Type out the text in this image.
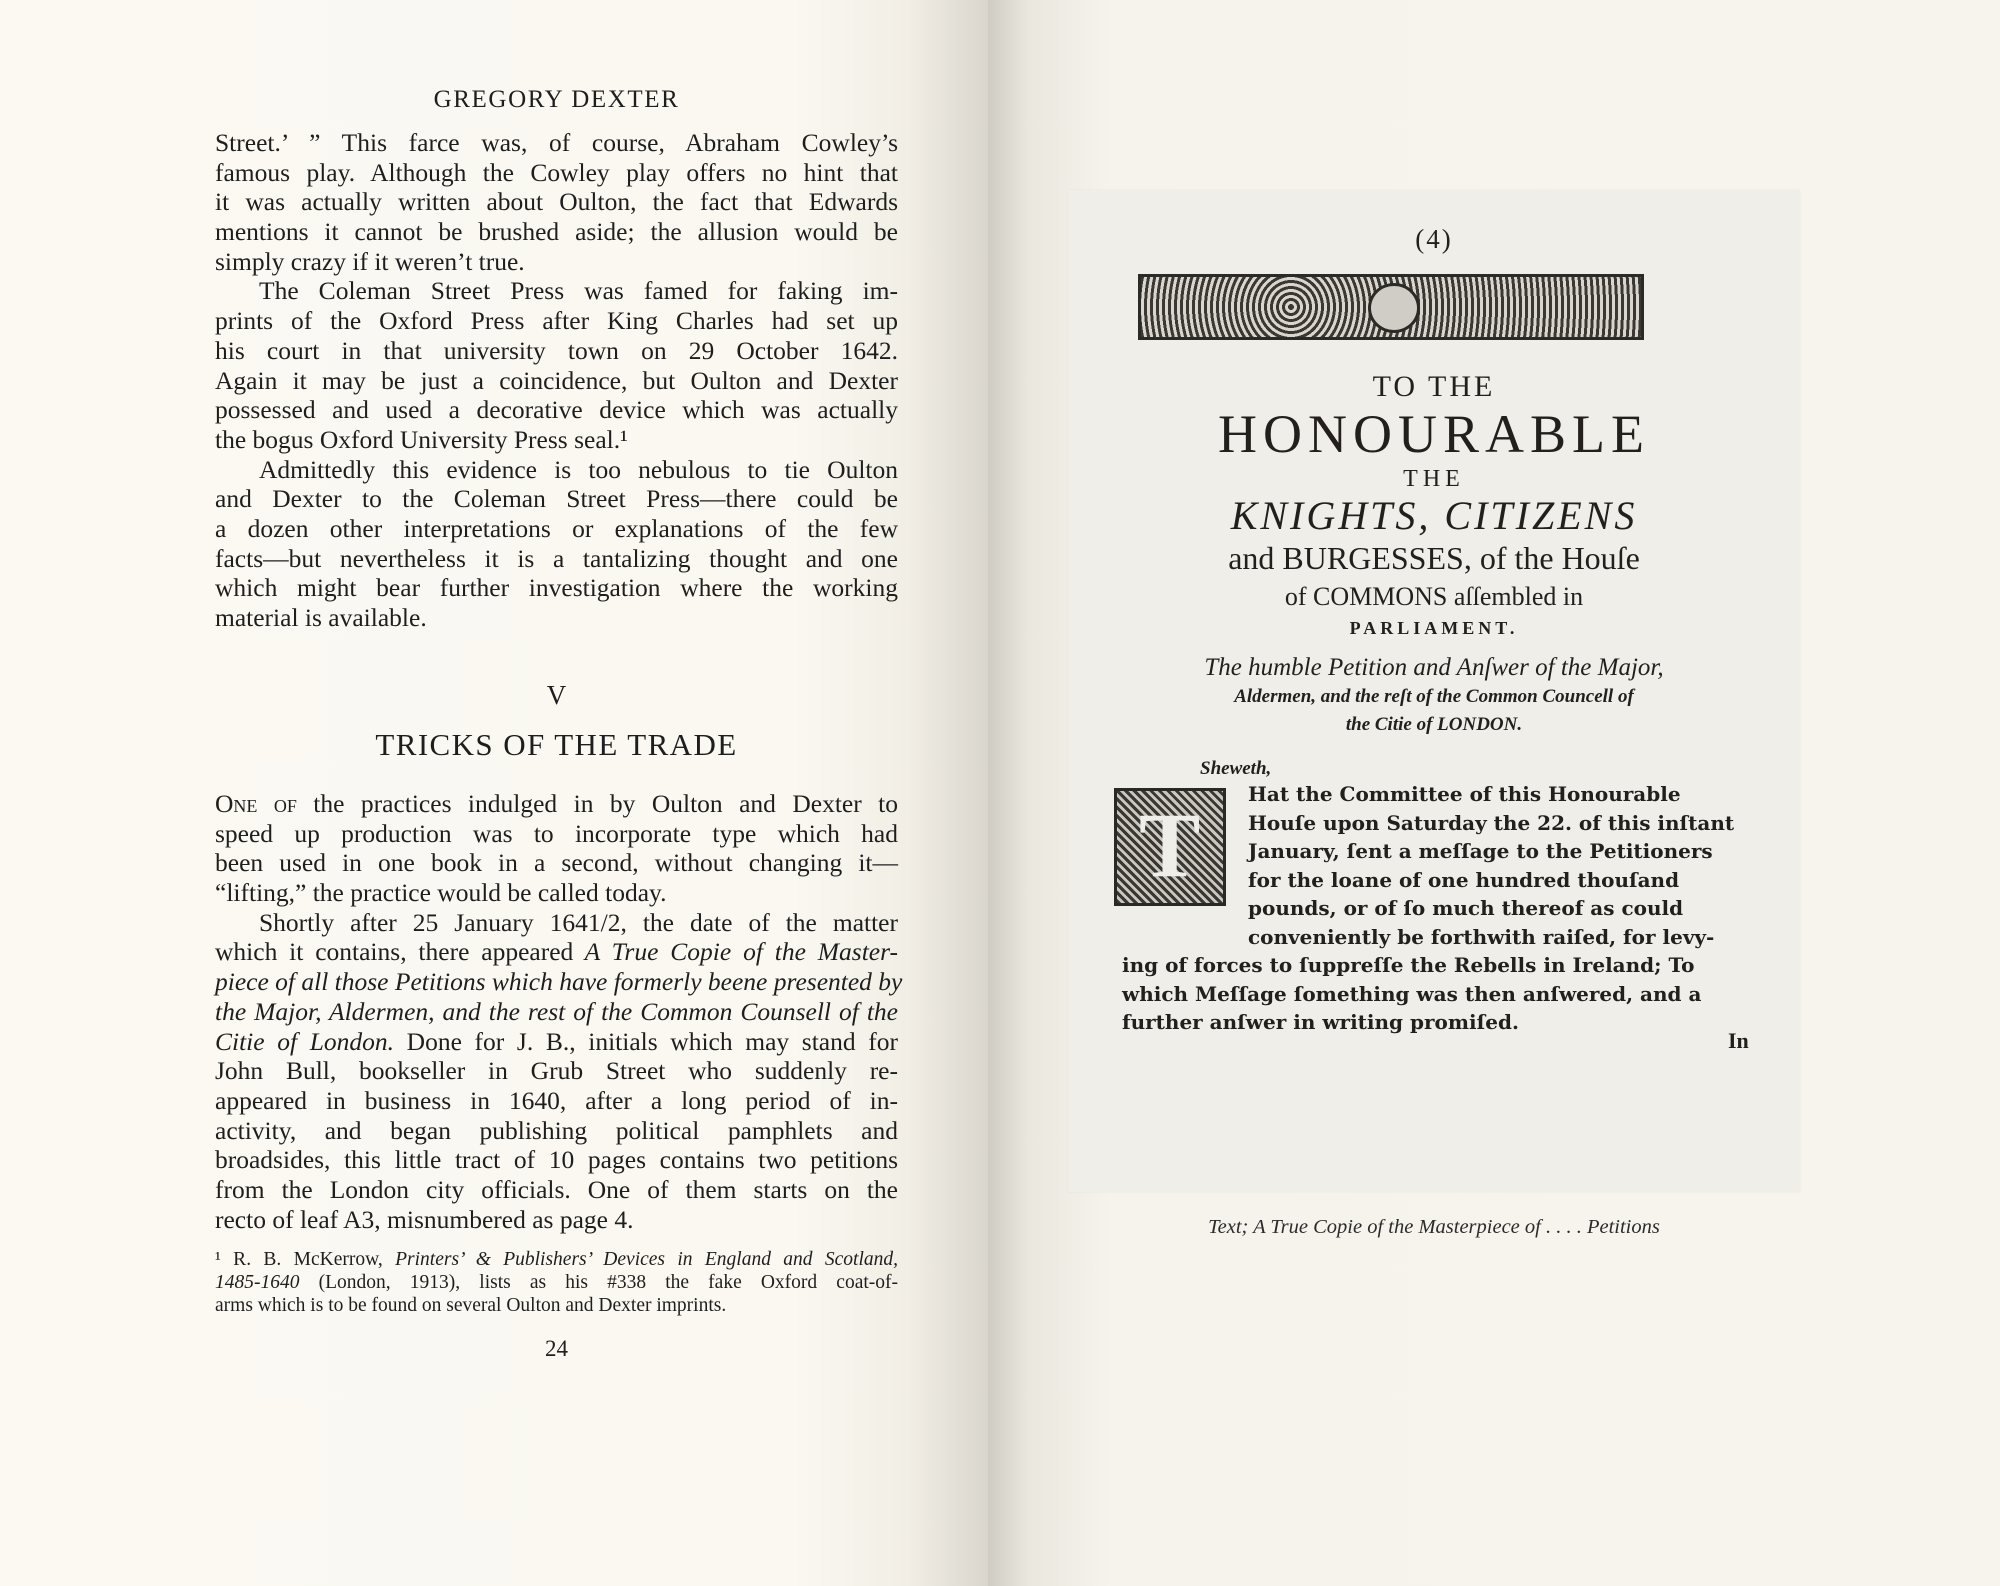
GREGORY DEXTER
Street.’ ” This farce was, of course, Abraham Cowley’s
famous play. Although the Cowley play offers no hint that
it was actually written about Oulton, the fact that Edwards
mentions it cannot be brushed aside; the allusion would be
simply crazy if it weren’t true.
The Coleman Street Press was famed for faking im-
prints of the Oxford Press after King Charles had set up
his court in that university town on 29 October 1642.
Again it may be just a coincidence, but Oulton and Dexter
possessed and used a decorative device which was actually
the bogus Oxford University Press seal.¹
Admittedly this evidence is too nebulous to tie Oulton
and Dexter to the Coleman Street Press—there could be
a dozen other interpretations or explanations of the few
facts—but nevertheless it is a tantalizing thought and one
which might bear further investigation where the working
material is available.
V
TRICKS OF THE TRADE
One of the practices indulged in by Oulton and Dexter to
speed up production was to incorporate type which had
been used in one book in a second, without changing it—
“lifting,” the practice would be called today.
Shortly after 25 January 1641/2, the date of the matter
which it contains, there appeared A True Copie of the Master-
piece of all those Petitions which have formerly beene presented by
the Major, Aldermen, and the rest of the Common Counsell of the
Citie of London. Done for J. B., initials which may stand for
John Bull, bookseller in Grub Street who suddenly re-
appeared in business in 1640, after a long period of in-
activity, and began publishing political pamphlets and
broadsides, this little tract of 10 pages contains two petitions
from the London city officials. One of them starts on the
recto of leaf A3, misnumbered as page 4.
¹ R. B. McKerrow, Printers’ & Publishers’ Devices in England and Scotland,
1485-1640 (London, 1913), lists as his #338 the fake Oxford coat-of-
arms which is to be found on several Oulton and Dexter imprints.
24
(4)
TO THE
HONOURABLE
THE
KNIGHTS, CITIZENS
and BURGESSES, of the Houſe
of COMMONS aſſembled in
PARLIAMENT.
The humble Petition and Anſwer of the Major,
Aldermen, and the reſt of the Common Councell of
the Citie of LONDON.
Sheweth,
T Hat the Committee of this Honourable
Houſe upon Saturday the 22. of this inſtant
January, ſent a meſſage to the Petitioners
for the loane of one hundred thouſand
pounds, or of ſo much thereof as could
conveniently be forthwith raiſed, for levy-
ing of forces to ſuppreſſe the Rebells in Ireland; To
which Meſſage ſomething was then anſwered, and a
further anſwer in writing promiſed.
In
Text; A True Copie of the Masterpiece of . . . . Petitions
